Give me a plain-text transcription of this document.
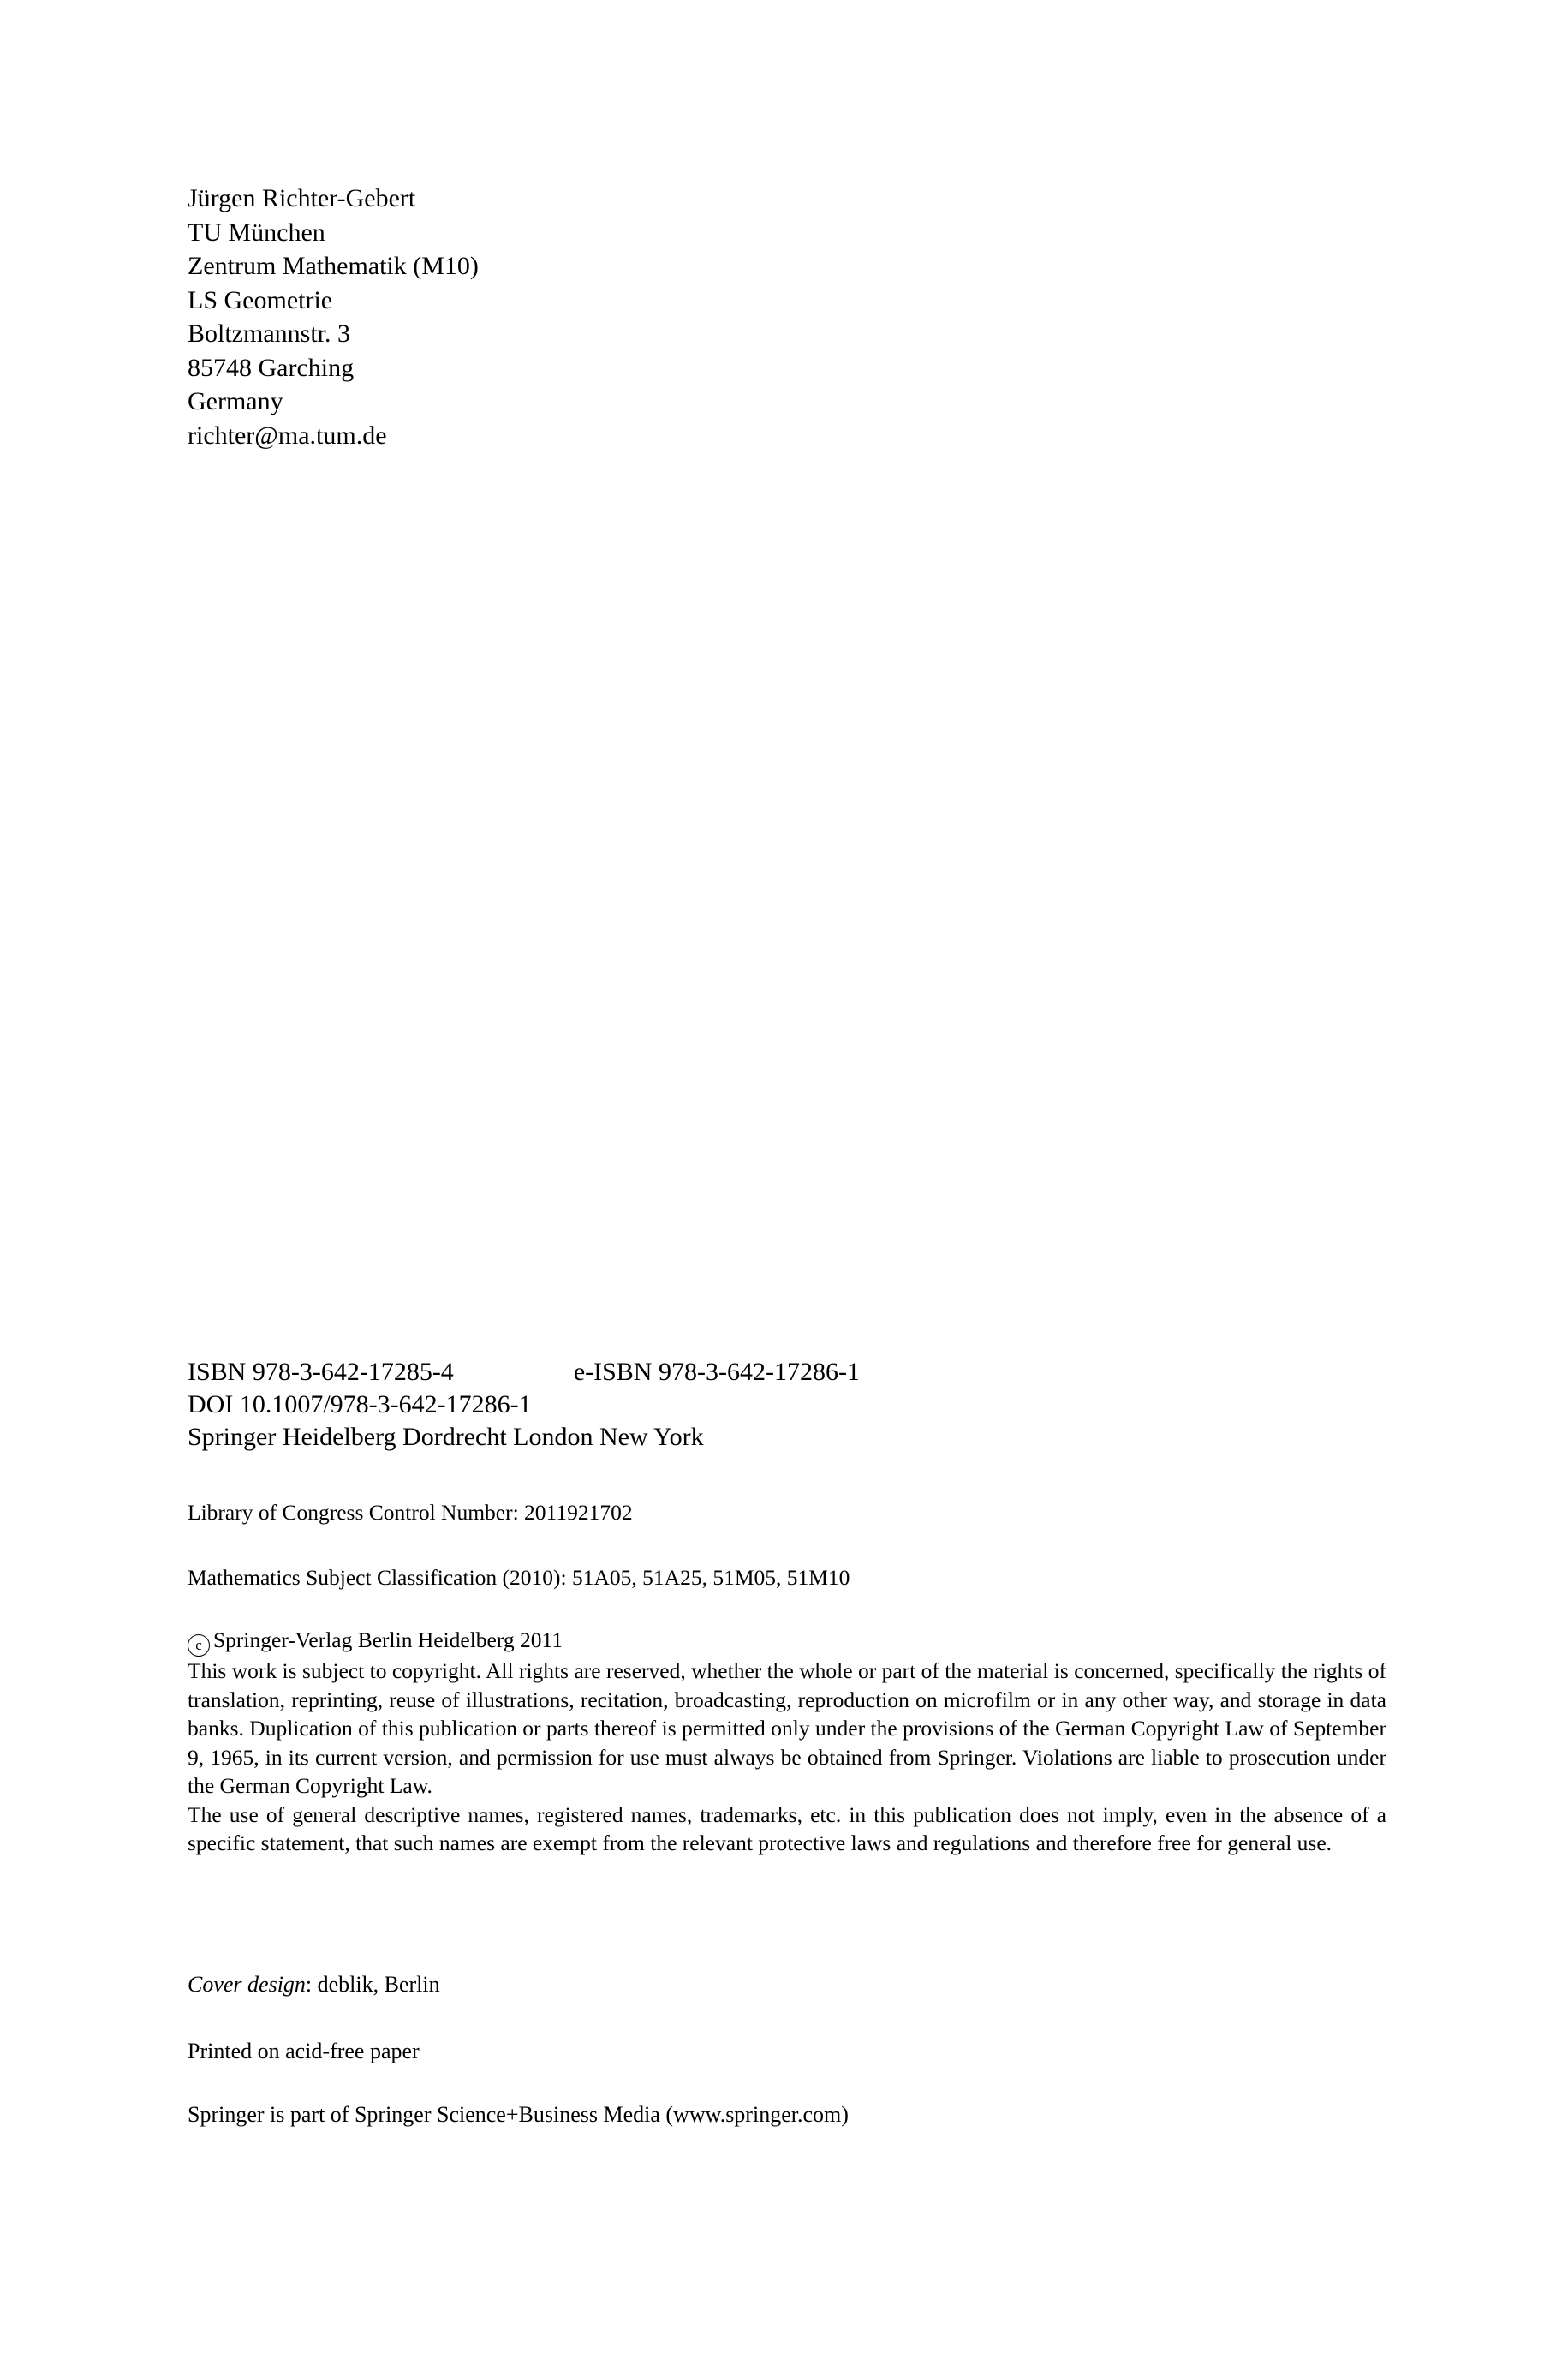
Jürgen Richter-Gebert
TU München
Zentrum Mathematik (M10)
LS Geometrie
Boltzmannstr. 3
85748 Garching
Germany
richter@ma.tum.de
ISBN 978-3-642-17285-4	e-ISBN 978-3-642-17286-1
DOI 10.1007/978-3-642-17286-1
Springer Heidelberg Dordrecht London New York
Library of Congress Control Number: 2011921702
Mathematics Subject Classification (2010): 51A05, 51A25, 51M05, 51M10
c Springer-Verlag Berlin Heidelberg 2011

This work is subject to copyright. All rights are reserved, whether the whole or part of the material is concerned, specifically the rights of translation, reprinting, reuse of illustrations, recitation, broadcasting, reproduction on microfilm or in any other way, and storage in data banks. Duplication of this publication or parts thereof is permitted only under the provisions of the German Copyright Law of September 9, 1965, in its current version, and permission for use must always be obtained from Springer. Violations are liable to prosecution under the German Copyright Law.

The use of general descriptive names, registered names, trademarks, etc. in this publication does not imply, even in the absence of a specific statement, that such names are exempt from the relevant protective laws and regulations and therefore free for general use.

Cover design: deblik, Berlin
Printed on acid-free paper
Springer is part of Springer Science+Business Media (www.springer.com)
